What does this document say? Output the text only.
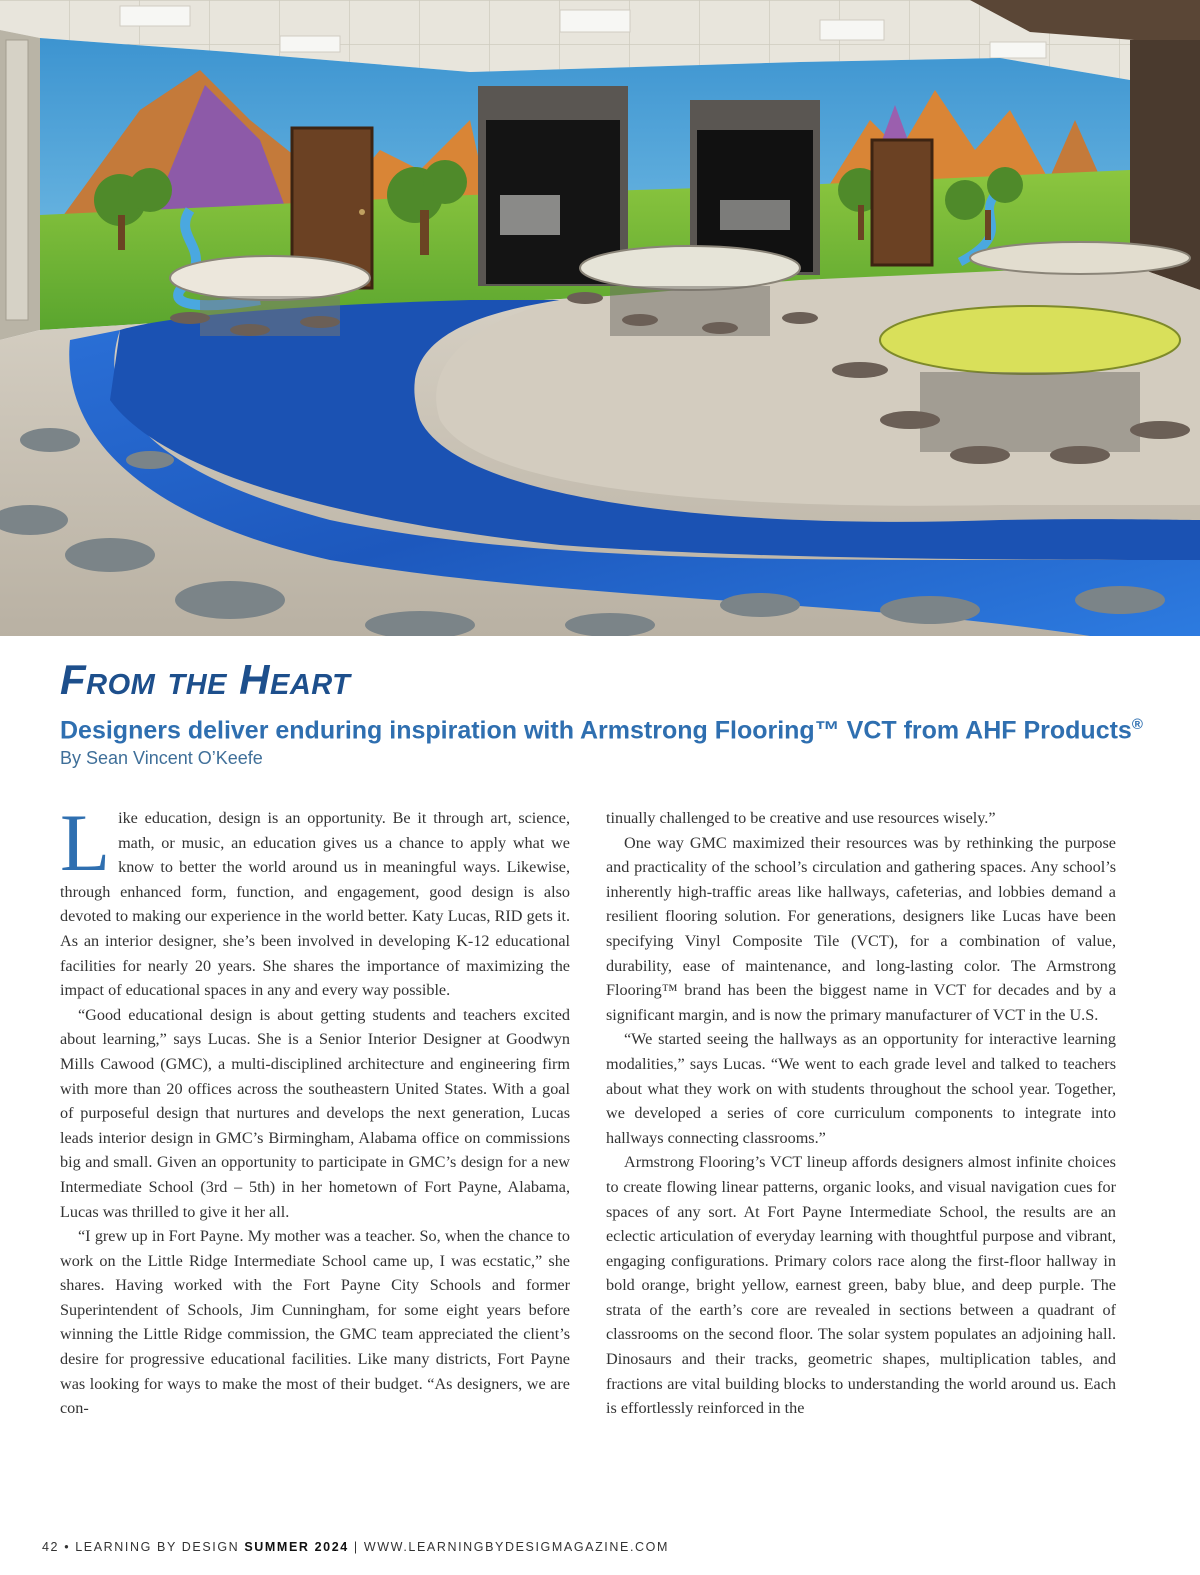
From the Heart
Designers deliver enduring inspiration with Armstrong Flooring™ VCT from AHF Products®

By Sean Vincent O’Keefe

Like education, design is an opportunity. Be it through art, science, math, or music, an education gives us a chance to apply what we know to better the world around us in meaningful ways. Likewise, through enhanced form, function, and engagement, good design is also devoted to making our experience in the world better. Katy Lucas, RID gets it. As an interior designer, she’s been involved in developing K-12 educational facilities for nearly 20 years. She shares the importance of maximizing the impact of educational spaces in any and every way possible.

“Good educational design is about getting students and teachers excited about learning,” says Lucas. She is a Senior Interior Designer at Goodwyn Mills Cawood (GMC), a multi-disciplined architecture and engineering firm with more than 20 offices across the southeastern United States. With a goal of purposeful design that nurtures and develops the next generation, Lucas leads interior design in GMC’s Birmingham, Alabama office on commissions big and small. Given an opportunity to participate in GMC’s design for a new Intermediate School (3rd – 5th) in her hometown of Fort Payne, Alabama, Lucas was thrilled to give it her all.

“I grew up in Fort Payne. My mother was a teacher. So, when the chance to work on the Little Ridge Intermediate School came up, I was ecstatic,” she shares. Having worked with the Fort Payne City Schools and former Superintendent of Schools, Jim Cunningham, for some eight years before winning the Little Ridge commission, the GMC team appreciated the client’s desire for progressive educational facilities. Like many districts, Fort Payne was looking for ways to make the most of their budget. “As designers, we are con-

tinually challenged to be creative and use resources wisely.”

One way GMC maximized their resources was by rethinking the purpose and practicality of the school’s circulation and gathering spaces. Any school’s inherently high-traffic areas like hallways, cafeterias, and lobbies demand a resilient flooring solution. For generations, designers like Lucas have been specifying Vinyl Composite Tile (VCT), for a combination of value, durability, ease of maintenance, and long-lasting color. The Armstrong Flooring™ brand has been the biggest name in VCT for decades and by a significant margin, and is now the primary manufacturer of VCT in the U.S.

“We started seeing the hallways as an opportunity for interactive learning modalities,” says Lucas. “We went to each grade level and talked to teachers about what they work on with students throughout the school year. Together, we developed a series of core curriculum components to integrate into hallways connecting classrooms.”

Armstrong Flooring’s VCT lineup affords designers almost infinite choices to create flowing linear patterns, organic looks, and visual navigation cues for spaces of any sort. At Fort Payne Intermediate School, the results are an eclectic articulation of everyday learning with thoughtful purpose and vibrant, engaging configurations. Primary colors race along the first-floor hallway in bold orange, bright yellow, earnest green, baby blue, and deep purple. The strata of the earth’s core are revealed in sections between a quadrant of classrooms on the second floor. The solar system populates an adjoining hall. Dinosaurs and their tracks, geometric shapes, multiplication tables, and fractions are vital building blocks to understanding the world around us. Each is effortlessly reinforced in the

42 • LEARNING BY DESIGN SUMMER 2024 | WWW.LEARNINGBYDESIGMAGAZINE.COM
